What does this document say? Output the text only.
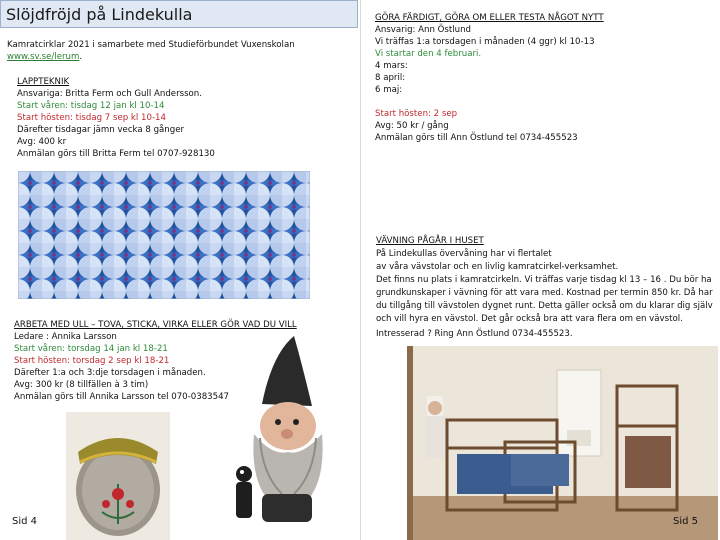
Slöjdfröjd på Lindekulla
Kamratcirklar 2021 i samarbete med Studieförbundet Vuxenskolan
www.sv.se/lerum.
LAPPTEKNIK
Ansvariga: Britta Ferm och Gull Andersson.
Start våren: tisdag 12 jan kl 10-14
Start hösten: tisdag 7 sep kl 10-14
Därefter tisdagar jämn vecka 8 gånger
Avg: 400 kr
Anmälan görs till Britta Ferm tel 0707-928130
ARBETA MED ULL – TOVA, STICKA, VIRKA ELLER GÖR VAD DU VILL
Ledare : Annika Larsson
Start våren: torsdag 14 jan kl 18-21
Start hösten: torsdag 2 sep kl 18-21
Därefter 1:a och 3:dje torsdagen i månaden.
Avg: 300 kr (8 tillfällen à 3 tim)
Anmälan görs till Annika Larsson tel 070-0383547
Sid 4
GÖRA FÄRDIGT, GÖRA OM ELLER TESTA NÅGOT NYTT
Ansvarig: Ann Östlund
Vi träffas 1:a torsdagen i månaden (4 ggr) kl 10-13
Vi startar den 4 februari.
4 mars:
8 april:
6 maj:
Start hösten: 2 sep
Avg: 50 kr / gång
Anmälan görs till Ann Östlund tel 0734-455523
VÄVNING PÅGÅR I HUSET
På Lindekullas övervåning har vi flertalet
av våra vävstolar och en livlig kamratcirkel-verksamhet.
Det finns nu plats i kamratcirkeln. Vi träffas varje tisdag kl 13 – 16 . Du bör ha
grundkunskaper i vävning för att vara med. Kostnad per termin 850 kr. Då har
du tillgång till vävstolen dygnet runt. Detta gäller också om du klarar dig själv
och vill hyra en vävstol. Det går också bra att vara flera om en vävstol.
Intresserad ? Ring Ann Östlund 0734-455523.
Sid 5
